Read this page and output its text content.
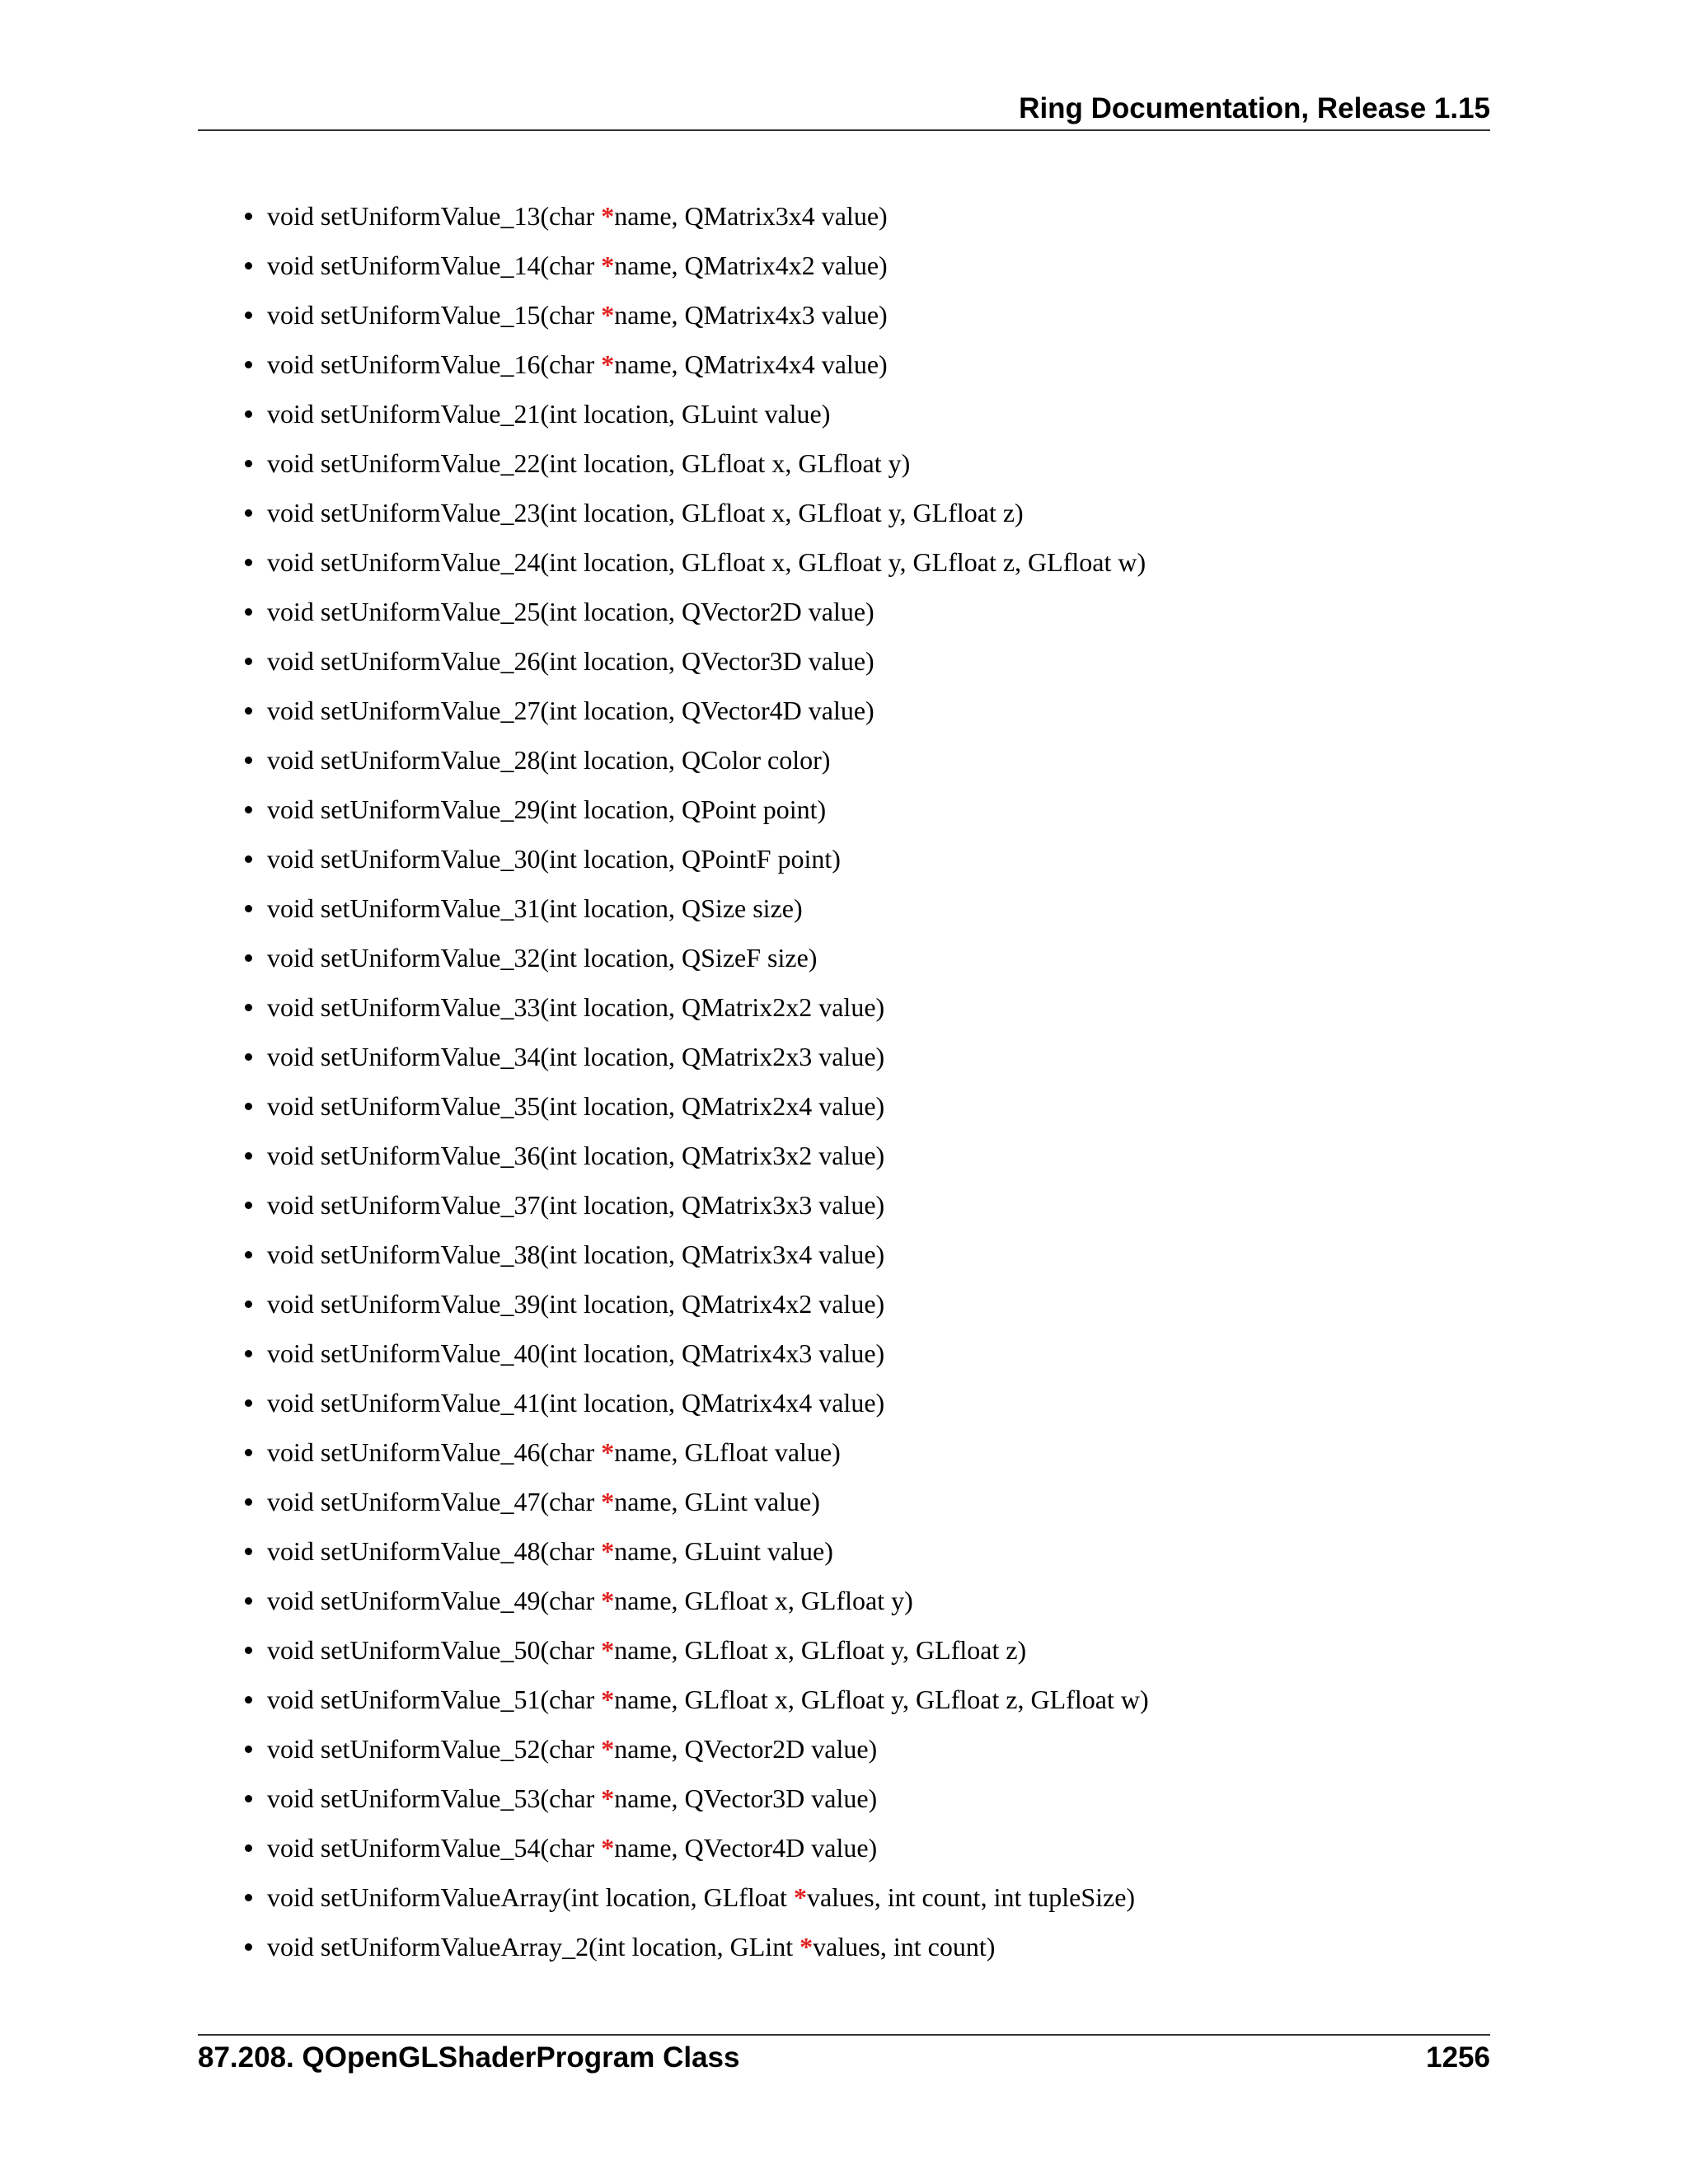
Ring Documentation, Release 1.15
void setUniformValue_13(char *name, QMatrix3x4 value)
void setUniformValue_14(char *name, QMatrix4x2 value)
void setUniformValue_15(char *name, QMatrix4x3 value)
void setUniformValue_16(char *name, QMatrix4x4 value)
void setUniformValue_21(int location, GLuint value)
void setUniformValue_22(int location, GLfloat x, GLfloat y)
void setUniformValue_23(int location, GLfloat x, GLfloat y, GLfloat z)
void setUniformValue_24(int location, GLfloat x, GLfloat y, GLfloat z, GLfloat w)
void setUniformValue_25(int location, QVector2D value)
void setUniformValue_26(int location, QVector3D value)
void setUniformValue_27(int location, QVector4D value)
void setUniformValue_28(int location, QColor color)
void setUniformValue_29(int location, QPoint point)
void setUniformValue_30(int location, QPointF point)
void setUniformValue_31(int location, QSize size)
void setUniformValue_32(int location, QSizeF size)
void setUniformValue_33(int location, QMatrix2x2 value)
void setUniformValue_34(int location, QMatrix2x3 value)
void setUniformValue_35(int location, QMatrix2x4 value)
void setUniformValue_36(int location, QMatrix3x2 value)
void setUniformValue_37(int location, QMatrix3x3 value)
void setUniformValue_38(int location, QMatrix3x4 value)
void setUniformValue_39(int location, QMatrix4x2 value)
void setUniformValue_40(int location, QMatrix4x3 value)
void setUniformValue_41(int location, QMatrix4x4 value)
void setUniformValue_46(char *name, GLfloat value)
void setUniformValue_47(char *name, GLint value)
void setUniformValue_48(char *name, GLuint value)
void setUniformValue_49(char *name, GLfloat x, GLfloat y)
void setUniformValue_50(char *name, GLfloat x, GLfloat y, GLfloat z)
void setUniformValue_51(char *name, GLfloat x, GLfloat y, GLfloat z, GLfloat w)
void setUniformValue_52(char *name, QVector2D value)
void setUniformValue_53(char *name, QVector3D value)
void setUniformValue_54(char *name, QVector4D value)
void setUniformValueArray(int location, GLfloat *values, int count, int tupleSize)
void setUniformValueArray_2(int location, GLint *values, int count)
87.208. QOpenGLShaderProgram Class	1256
